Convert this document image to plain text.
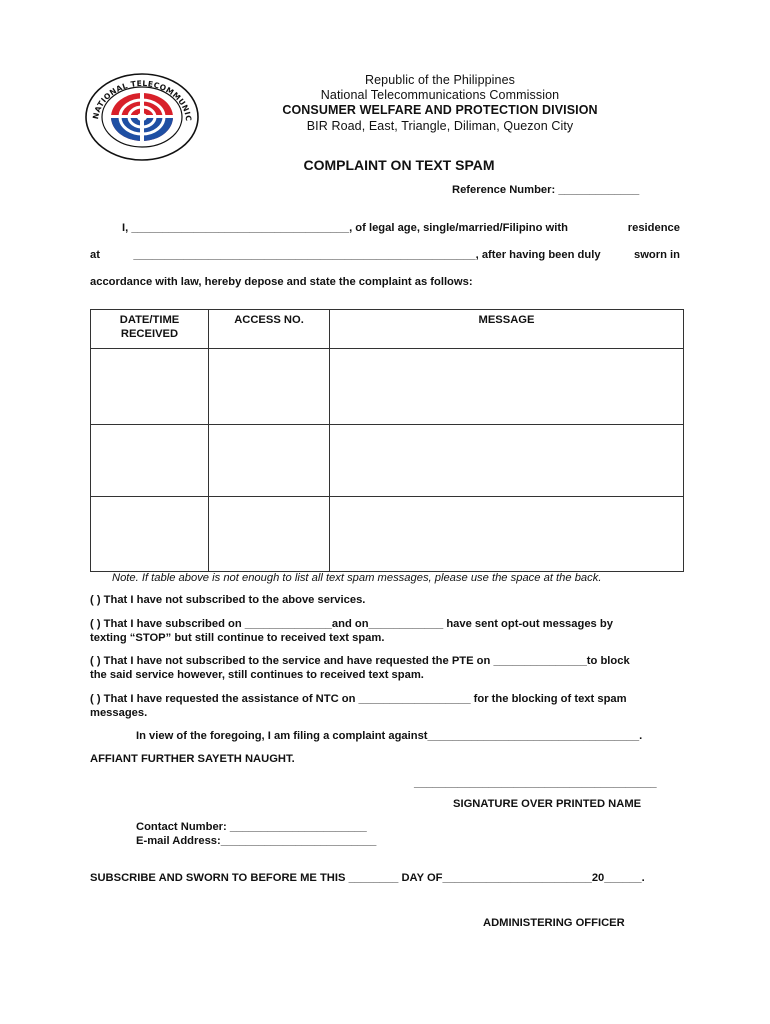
NATIONAL TELECOMMUNIC
Republic of the Philippines
National Telecommunications Commission
CONSUMER WELFARE AND PROTECTION DIVISION
BIR Road, East, Triangle, Diliman, Quezon City
COMPLAINT ON TEXT SPAM
Reference Number: _____________
I, ___________________________________, of legal age, single/married/Filipino with	residence
at	_______________________________________________________, after having been duly	sworn in
accordance with law, hereby depose and state the complaint as follows:
DATE/TIME RECEIVED	ACCESS NO.	MESSAGE

Note. If table above is not enough to list all text spam messages, please use the space at the back.
( ) That I have not subscribed to the above services.
( ) That I have subscribed on ______________and on____________ have sent opt-out messages by
texting “STOP” but still continue to received text spam.
( ) That I have not subscribed to the service and have requested the PTE on _______________to block
the said service however, still continues to received text spam.
( ) That I have requested the assistance of NTC on __________________ for the blocking of text spam
messages.
In view of the foregoing, I am filing a complaint against__________________________________.
AFFIANT FURTHER SAYETH NAUGHT.
_______________________________________
SIGNATURE OVER PRINTED NAME
Contact Number: ______________________
E-mail Address:_________________________
SUBSCRIBE AND SWORN TO BEFORE ME THIS ________ DAY OF________________________20______.
ADMINISTERING OFFICER
